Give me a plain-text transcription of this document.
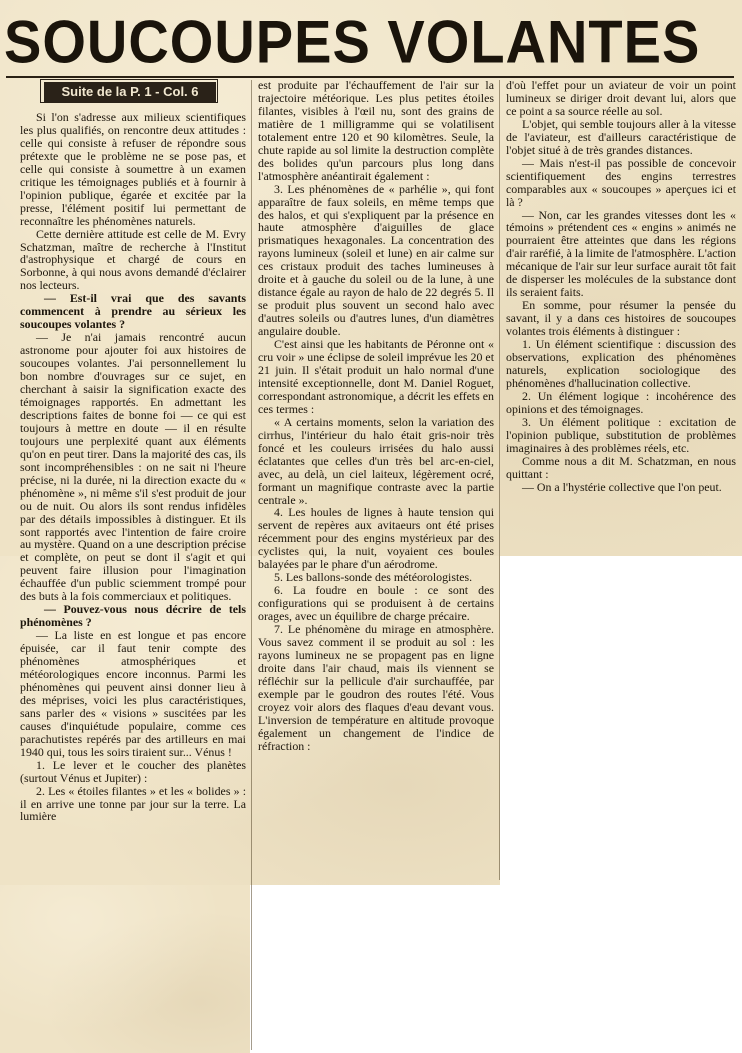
SOUCOUPES VOLANTES
Suite de la P. 1 - Col. 6

Si l'on s'adresse aux milieux scientifiques les plus qualifiés, on rencontre deux attitudes : celle qui consiste à refuser de répondre sous prétexte que le problème ne se pose pas, et celle qui consiste à soumettre à un examen critique les témoignages publiés et à fournir à l'opinion publique, égarée et excitée par la presse, l'élément positif lui permettant de reconnaître les phénomènes naturels.

Cette dernière attitude est celle de M. Evry Schatzman, maître de recherche à l'Institut d'astrophysique et chargé de cours en Sorbonne, à qui nous avons demandé d'éclairer nos lecteurs.

— Est-il vrai que des savants commencent à prendre au sérieux les soucoupes volantes ?

— Je n'ai jamais rencontré aucun astronome pour ajouter foi aux histoires de soucoupes volantes. J'ai personnellement lu bon nombre d'ouvrages sur ce sujet, en cherchant à saisir la signification exacte des témoignages rapportés. En admettant les descriptions faites de bonne foi — ce qui est toujours à mettre en doute — il en résulte toujours une perplexité quant aux éléments qu'on en peut tirer. Dans la majorité des cas, ils sont incompréhensibles : on ne sait ni l'heure précise, ni la durée, ni la direction exacte du « phénomène », ni même s'il s'est produit de jour ou de nuit. Ou alors ils sont rendus infidèles par des détails impossibles à distinguer. Et ils sont rapportés avec l'intention de faire croire au mystère. Quand on a une description précise et complète, on peut se dont il s'agit et qui peuvent faire illusion pour l'imagination échauffée d'un public sciemment trompé pour des buts à la fois commerciaux et politiques.

— Pouvez-vous nous décrire de tels phénomènes ?

— La liste en est longue et pas encore épuisée, car il faut tenir compte des phénomènes atmosphériques et météorologiques encore inconnus. Parmi les phénomènes qui peuvent ainsi donner lieu à des méprises, voici les plus caractéristiques, sans parler des « visions » suscitées par les causes d'inquiétude populaire, comme ces parachutistes repérés par des artilleurs en mai 1940 qui, tous les soirs tiraient sur... Vénus !

1. Le lever et le coucher des planètes (surtout Vénus et Jupiter) :

2. Les « étoiles filantes » et les « bolides » : il en arrive une tonne par jour sur la terre. La lumière

est produite par l'échauffement de l'air sur la trajectoire météorique. Les plus petites étoiles filantes, visibles à l'œil nu, sont des grains de matière de 1 milligramme qui se volatilisent totalement entre 120 et 90 kilomètres. Seule, la chute rapide au sol limite la destruction complète des bolides qu'un parcours plus long dans l'atmosphère anéantirait également :

3. Les phénomènes de « parhélie », qui font apparaître de faux soleils, en même temps que des halos, et qui s'expliquent par la présence en haute atmosphère d'aiguilles de glace prismatiques hexagonales. La concentration des rayons lumineux (soleil et lune) en air calme sur ces cristaux produit des taches lumineuses à droite et à gauche du soleil ou de la lune, à une distance égale au rayon de halo de 22 degrés 5. Il se produit plus souvent un second halo avec d'autres soleils ou d'autres lunes, d'un diamètres angulaire double.

C'est ainsi que les habitants de Péronne ont « cru voir » une éclipse de soleil imprévue les 20 et 21 juin. Il s'était produit un halo normal d'une intensité exceptionnelle, dont M. Daniel Roguet, correspondant astronomique, a décrit les effets en ces termes :

« A certains moments, selon la variation des cirrhus, l'intérieur du halo était gris-noir très foncé et les couleurs irrisées du halo aussi éclatantes que celles d'un très bel arc-en-ciel, avec, au delà, un ciel laiteux, légèrement ocré, formant un magnifique contraste avec la partie centrale ».

4. Les houles de lignes à haute tension qui servent de repères aux avitaeurs ont été prises récemment pour des engins mystérieux par des cyclistes qui, la nuit, voyaient ces boules balayées par le phare d'un aérodrome.

5. Les ballons-sonde des météorologistes.

6. La foudre en boule : ce sont des configurations qui se produisent à de certains orages, avec un équilibre de charge précaire.

7. Le phénomène du mirage en atmosphère. Vous savez comment il se produit au sol : les rayons lumineux ne se propagent pas en ligne droite dans l'air chaud, mais ils viennent se réfléchir sur la pellicule d'air surchauffée, par exemple par le goudron des routes l'été. Vous croyez voir alors des flaques d'eau devant vous. L'inversion de température en altitude provoque également un changement de l'indice de réfraction :

d'où l'effet pour un aviateur de voir un point lumineux se diriger droit devant lui, alors que ce point a sa source réelle au sol.

L'objet, qui semble toujours aller à la vitesse de l'aviateur, est d'ailleurs caractéristique de l'objet situé à de très grandes distances.

— Mais n'est-il pas possible de concevoir scientifiquement des engins terrestres comparables aux « soucoupes » aperçues ici et là ?

— Non, car les grandes vitesses dont les « témoins » prétendent ces « engins » animés ne pourraient être atteintes que dans les régions d'air raréfié, à la limite de l'atmosphère. L'action mécanique de l'air sur leur surface aurait tôt fait de disperser les molécules de la substance dont ils seraient faits.

En somme, pour résumer la pensée du savant, il y a dans ces histoires de soucoupes volantes trois éléments à distinguer :

1. Un élément scientifique : discussion des observations, explication des phénomènes naturels, explication sociologique des phénomènes d'hallucination collective.

2. Un élément logique : incohérence des opinions et des témoignages.

3. Un élément politique : excitation de l'opinion publique, substitution de problèmes imaginaires à des problèmes réels, etc.

Comme nous a dit M. Schatzman, en nous quittant :

— On a l'hystérie collective que l'on peut.
